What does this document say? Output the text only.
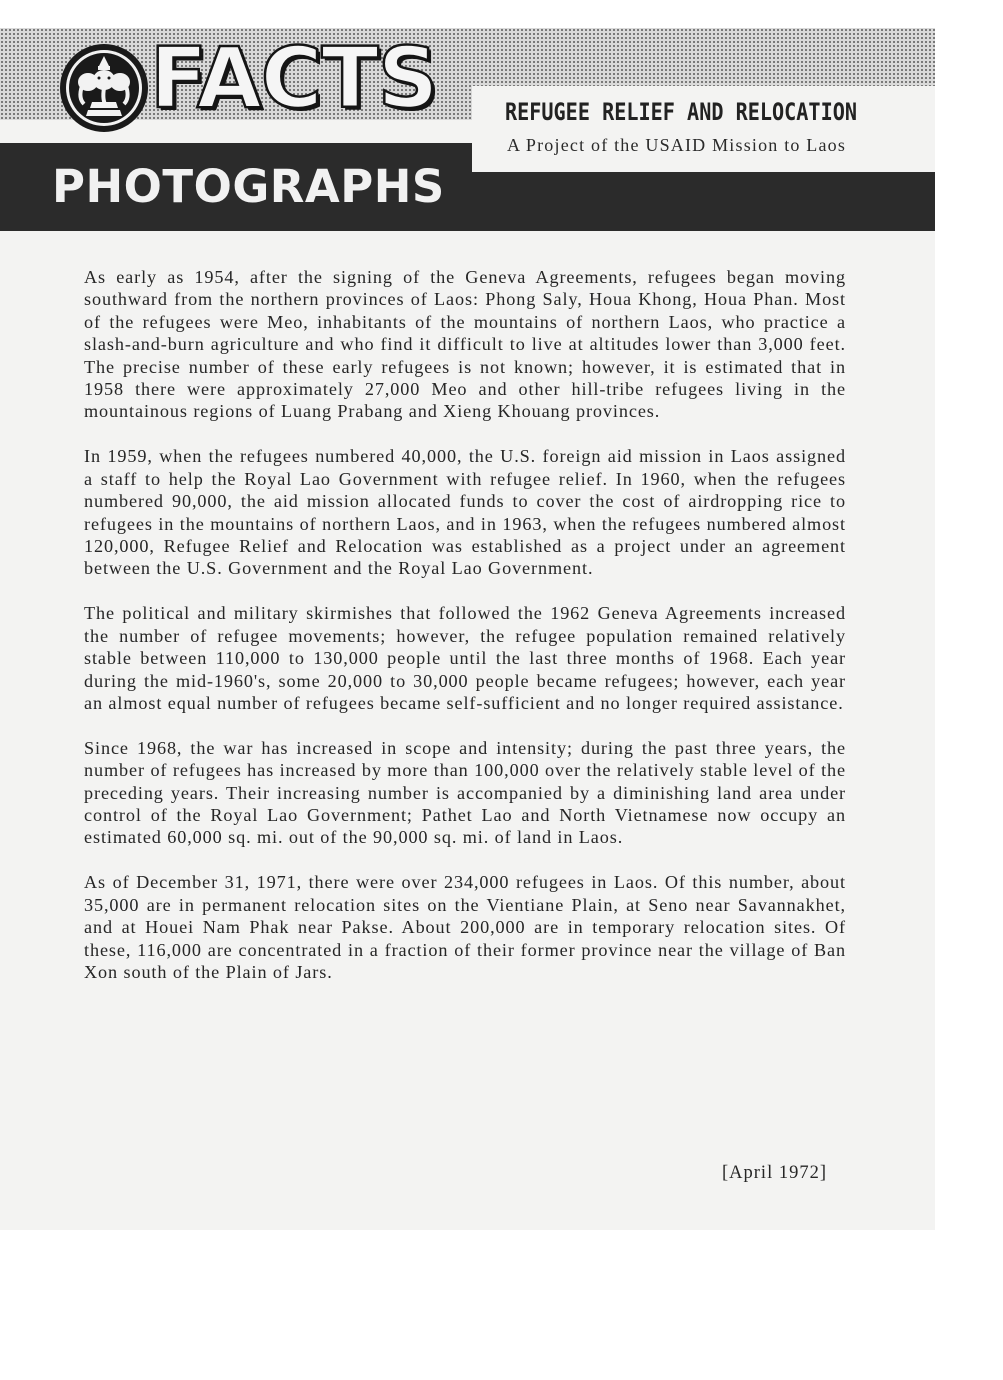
FACTS
PHOTOGRAPHS
REFUGEE RELIEF AND RELOCATION

A Project of the USAID Mission to Laos

As early as 1954, after the signing of the Geneva Agreements, refugees began moving southward from the northern provinces of Laos: Phong Saly, Houa Khong, Houa Phan. Most of the refugees were Meo, inhabitants of the mountains of northern Laos, who practice a slash-and-burn agriculture and who find it difficult to live at altitudes lower than 3,000 feet. The precise number of these early refugees is not known; however, it is estimated that in 1958 there were approximately 27,000 Meo and other hill-tribe refugees living in the mountainous regions of Luang Prabang and Xieng Khouang provinces.

In 1959, when the refugees numbered 40,000, the U.S. foreign aid mission in Laos assigned a staff to help the Royal Lao Government with refugee relief. In 1960, when the refugees numbered 90,000, the aid mission allocated funds to cover the cost of airdropping rice to refugees in the mountains of northern Laos, and in 1963, when the refugees numbered almost 120,000, Refugee Relief and Relocation was established as a project under an agreement between the U.S. Government and the Royal Lao Government.

The political and military skirmishes that followed the 1962 Geneva Agreements increased the number of refugee movements; however, the refugee population remained relatively stable between 110,000 to 130,000 people until the last three months of 1968. Each year during the mid-1960's, some 20,000 to 30,000 people became refugees; however, each year an almost equal number of refugees became self-sufficient and no longer required assistance.

Since 1968, the war has increased in scope and intensity; during the past three years, the number of refugees has increased by more than 100,000 over the relatively stable level of the preceding years. Their increasing number is accompanied by a diminishing land area under control of the Royal Lao Government; Pathet Lao and North Vietnamese now occupy an estimated 60,000 sq. mi. out of the 90,000 sq. mi. of land in Laos.

As of December 31, 1971, there were over 234,000 refugees in Laos. Of this number, about 35,000 are in permanent relocation sites on the Vientiane Plain, at Seno near Savannakhet, and at Houei Nam Phak near Pakse. About 200,000 are in temporary relocation sites. Of these, 116,000 are concentrated in a fraction of their former province near the village of Ban Xon south of the Plain of Jars.

[April 1972]
